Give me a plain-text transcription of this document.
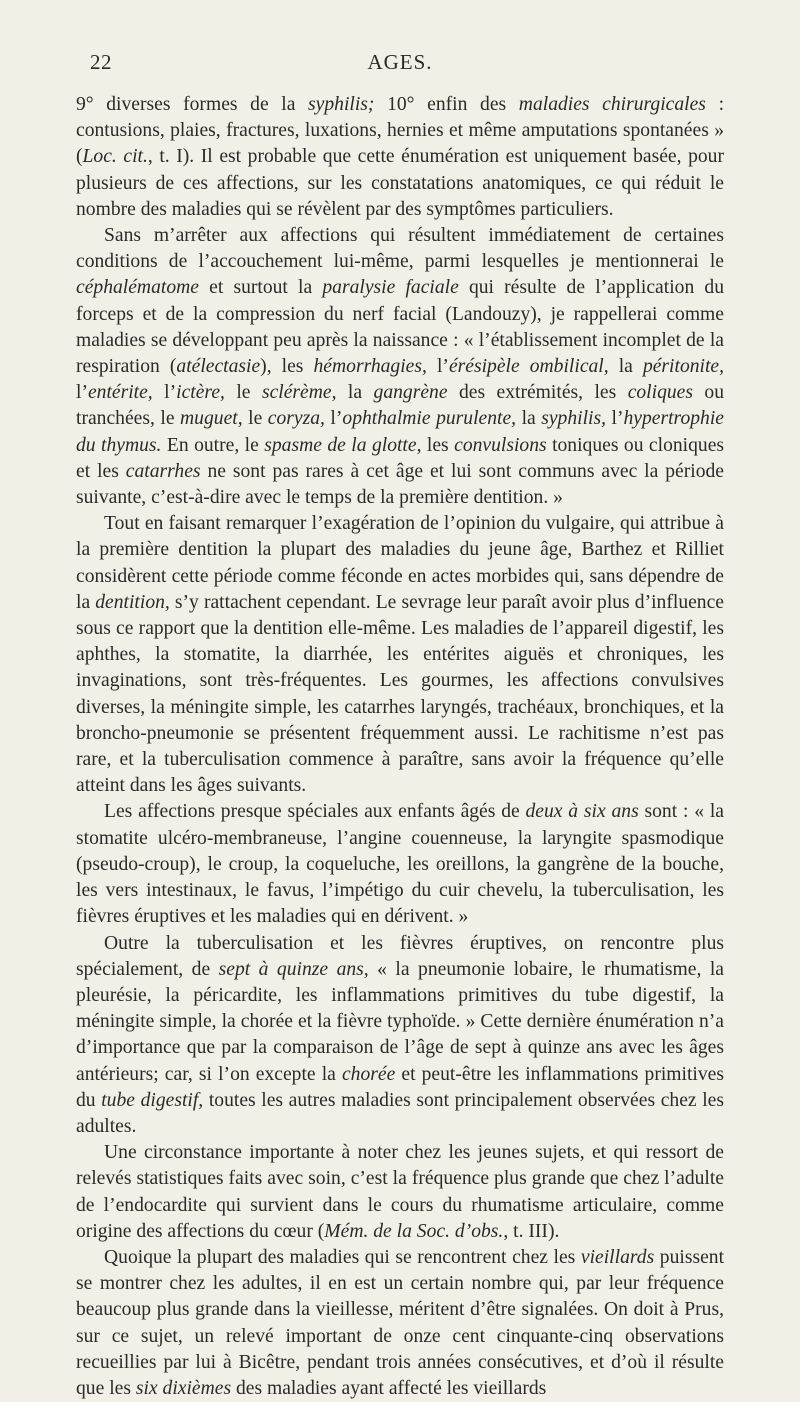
22	AGES.

9° diverses formes de la syphilis; 10° enfin des maladies chirurgicales : contusions, plaies, fractures, luxations, hernies et même amputations spontanées » (Loc. cit., t. I). Il est probable que cette énumération est uniquement basée, pour plusieurs de ces affections, sur les constatations anatomiques, ce qui réduit le nombre des maladies qui se révèlent par des symptômes particuliers.

Sans m’arrêter aux affections qui résultent immédiatement de certaines conditions de l’accouchement lui-même, parmi lesquelles je mentionnerai le céphalématome et surtout la paralysie faciale qui résulte de l’application du forceps et de la compression du nerf facial (Landouzy), je rappellerai comme maladies se développant peu après la naissance : « l’établissement incomplet de la respiration (atélectasie), les hémorrhagies, l’érésipèle ombilical, la péritonite, l’entérite, l’ictère, le sclérème, la gangrène des extrémités, les coliques ou tranchées, le muguet, le coryza, l’ophthalmie purulente, la syphilis, l’hypertrophie du thymus. En outre, le spasme de la glotte, les convulsions toniques ou cloniques et les catarrhes ne sont pas rares à cet âge et lui sont communs avec la période suivante, c’est-à-dire avec le temps de la première dentition. »

Tout en faisant remarquer l’exagération de l’opinion du vulgaire, qui attribue à la première dentition la plupart des maladies du jeune âge, Barthez et Rilliet considèrent cette période comme féconde en actes morbides qui, sans dépendre de la dentition, s’y rattachent cependant. Le sevrage leur paraît avoir plus d’influence sous ce rapport que la dentition elle-même. Les maladies de l’appareil digestif, les aphthes, la stomatite, la diarrhée, les entérites aiguës et chroniques, les invaginations, sont très-fréquentes. Les gourmes, les affections convulsives diverses, la méningite simple, les catarrhes laryngés, trachéaux, bronchiques, et la broncho-pneumonie se présentent fréquemment aussi. Le rachitisme n’est pas rare, et la tuberculisation commence à paraître, sans avoir la fréquence qu’elle atteint dans les âges suivants.

Les affections presque spéciales aux enfants âgés de deux à six ans sont : « la stomatite ulcéro-membraneuse, l’angine couenneuse, la laryngite spasmodique (pseudo-croup), le croup, la coqueluche, les oreillons, la gangrène de la bouche, les vers intestinaux, le favus, l’impétigo du cuir chevelu, la tuberculisation, les fièvres éruptives et les maladies qui en dérivent. »

Outre la tuberculisation et les fièvres éruptives, on rencontre plus spécialement, de sept à quinze ans, « la pneumonie lobaire, le rhumatisme, la pleurésie, la péricardite, les inflammations primitives du tube digestif, la méningite simple, la chorée et la fièvre typhoïde. » Cette dernière énumération n’a d’importance que par la comparaison de l’âge de sept à quinze ans avec les âges antérieurs; car, si l’on excepte la chorée et peut-être les inflammations primitives du tube digestif, toutes les autres maladies sont principalement observées chez les adultes.

Une circonstance importante à noter chez les jeunes sujets, et qui ressort de relevés statistiques faits avec soin, c’est la fréquence plus grande que chez l’adulte de l’endocardite qui survient dans le cours du rhumatisme articulaire, comme origine des affections du cœur (Mém. de la Soc. d’obs., t. III).

Quoique la plupart des maladies qui se rencontrent chez les vieillards puissent se montrer chez les adultes, il en est un certain nombre qui, par leur fréquence beaucoup plus grande dans la vieillesse, méritent d’être signalées. On doit à Prus, sur ce sujet, un relevé important de onze cent cinquante-cinq observations recueillies par lui à Bicêtre, pendant trois années consécutives, et d’où il résulte que les six dixièmes des maladies ayant affecté les vieillards
